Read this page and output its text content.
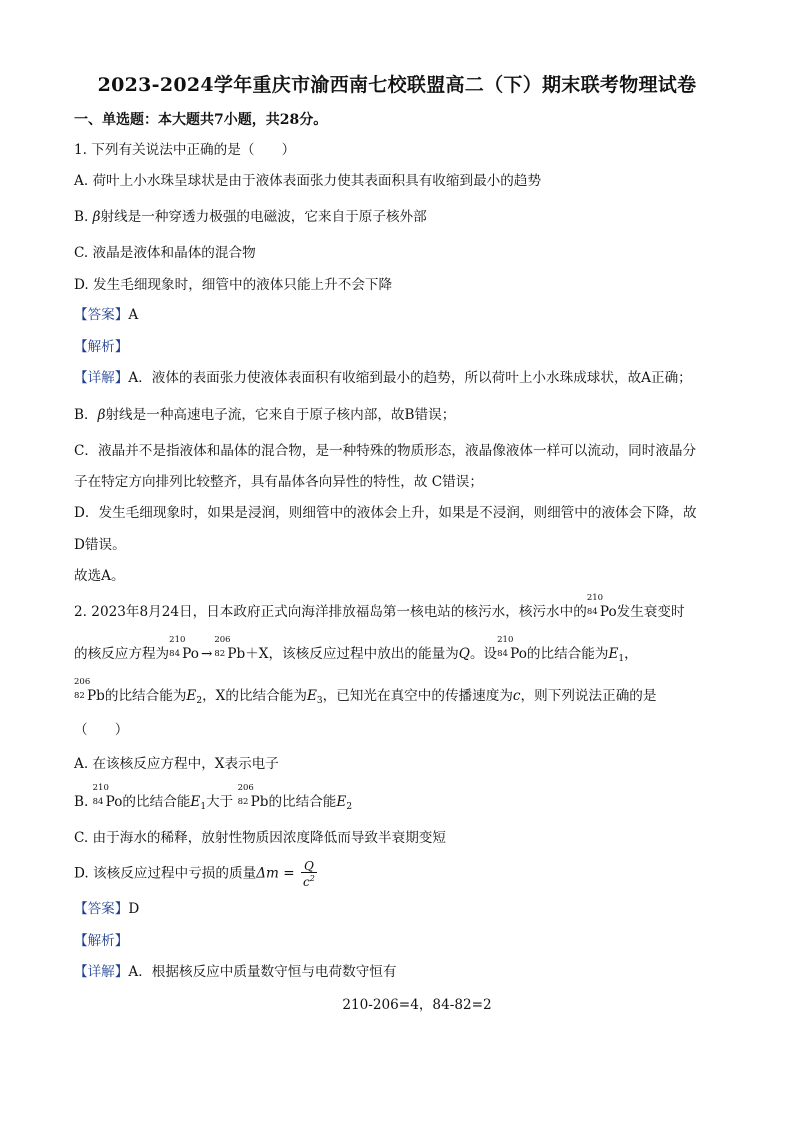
2023-2024学年重庆市渝西南七校联盟高二（下）期末联考物理试卷
一、单选题：本大题共7小题，共28分。
1. 下列有关说法中正确的是（　　）
A. 荷叶上小水珠呈球状是由于液体表面张力使其表面积具有收缩到最小的趋势
B. β射线是一种穿透力极强的电磁波，它来自于原子核外部
C. 液晶是液体和晶体的混合物
D. 发生毛细现象时，细管中的液体只能上升不会下降
【答案】A
【解析】
【详解】A．液体的表面张力使液体表面积有收缩到最小的趋势，所以荷叶上小水珠成球状，故A正确；
B．β射线是一种高速电子流，它来自于原子核内部，故B错误；
C．液晶并不是指液体和晶体的混合物，是一种特殊的物质形态，液晶像液体一样可以流动，同时液晶分
子在特定方向排列比较整齐，具有晶体各向异性的特性，故 C错误；
D．发生毛细现象时，如果是浸润，则细管中的液体会上升，如果是不浸润，则细管中的液体会下降，故
D错误。
故选A。
2. 2023年8月24日，日本政府正式向海洋排放福岛第一核电站的核污水，核污水中的
210
84 Po发生衰变时
的核反应方程为
210
84 Po →
206
82 Pb＋X，该核反应过程中放出的能量为Q。设
210
84 Po的比结合能为$E_1$，
206
82 Pb的比结合能为$E_2$，X的比结合能为$E_3$，已知光在真空中的传播速度为c，则下列说法正确的是
（　　）
A. 在该核反应方程中，X表示电子
B.
210
84 Po的比结合能$E_1$大于
206
82 Pb的比结合能$E_2$
C. 由于海水的稀释，放射性物质因浓度降低而导致半衰期变短
D. 该核反应过程中亏损的质量$\Delta m = \frac{Q}{c^2}$
【答案】D
【解析】
【详解】A．根据核反应中质量数守恒与电荷数守恒有
210-206=4，84-82=2
